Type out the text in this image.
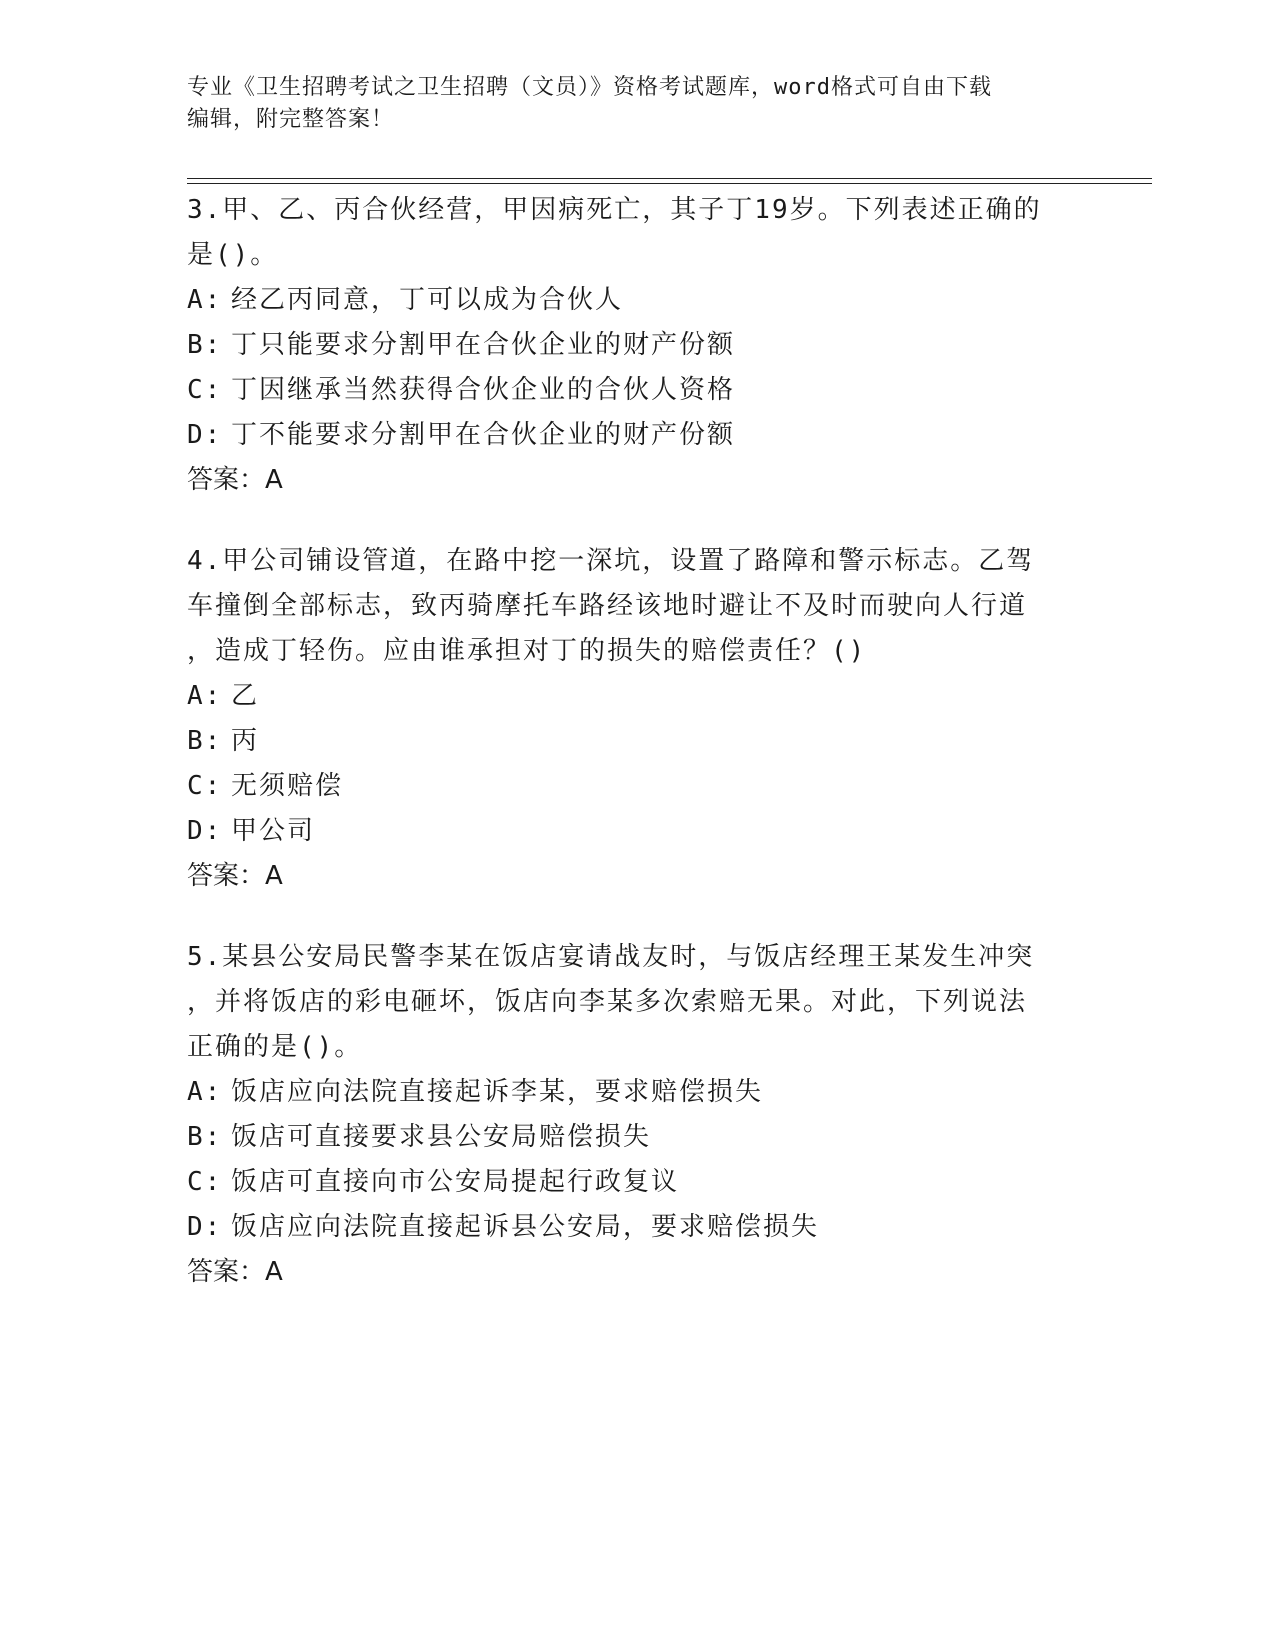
专业《卫生招聘考试之卫生招聘（文员）》资格考试题库，word格式可自由下载
编辑，附完整答案！
3.甲、乙、丙合伙经营，甲因病死亡，其子丁19岁。下列表述正确的
是()。
A: 经乙丙同意，丁可以成为合伙人
B: 丁只能要求分割甲在合伙企业的财产份额
C: 丁因继承当然获得合伙企业的合伙人资格
D: 丁不能要求分割甲在合伙企业的财产份额
答案：A
4.甲公司铺设管道，在路中挖一深坑，设置了路障和警示标志。乙驾
车撞倒全部标志，致丙骑摩托车路经该地时避让不及时而驶向人行道
，造成丁轻伤。应由谁承担对丁的损失的赔偿责任？()
A: 乙
B: 丙
C: 无须赔偿
D: 甲公司
答案：A
5.某县公安局民警李某在饭店宴请战友时，与饭店经理王某发生冲突
，并将饭店的彩电砸坏，饭店向李某多次索赔无果。对此，下列说法
正确的是()。
A: 饭店应向法院直接起诉李某，要求赔偿损失
B: 饭店可直接要求县公安局赔偿损失
C: 饭店可直接向市公安局提起行政复议
D: 饭店应向法院直接起诉县公安局，要求赔偿损失
答案：A
